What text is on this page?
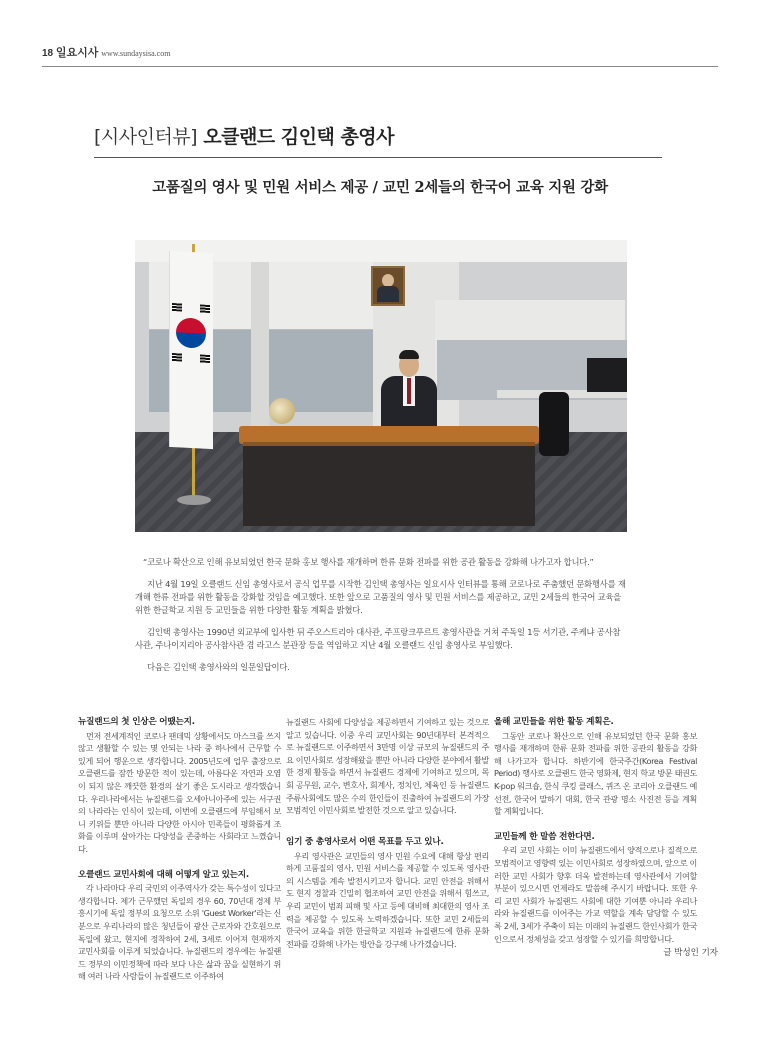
18 일요시사 www.sundaysisa.com
[시사인터뷰] 오클랜드 김인택 총영사
고품질의 영사 및 민원 서비스 제공 / 교민 2세들의 한국어 교육 지원 강화

“코로나 확산으로 인해 유보되었던 한국 문화 홍보 행사를 재개하며 한류 문화 전파를 위한 공관 활동을 강화해 나가고자 합니다.”

지난 4월 19일 오클랜드 신임 총영사로서 공식 업무를 시작한 김인택 총영사는 일요시사 인터뷰를 통해 코로나로 주춤했던 문화행사를 재개해 한류 전파를 위한 활동을 강화할 것임을 예고했다. 또한 앞으로 고품질의 영사 및 민원 서비스를 제공하고, 교민 2세들의 한국어 교육을 위한 한글학교 지원 등 교민들을 위한 다양한 활동 계획을 밝혔다.

김인택 총영사는 1990년 외교부에 입사한 뒤 주오스트리아 대사관, 주프랑크푸르트 총영사관을 거쳐 주독일 1등 서기관, 주케냐 공사참사관, 주나이지리아 공사참사관 겸 라고스 분관장 등을 역임하고 지난 4월 오클랜드 신임 총영사로 부임했다.

다음은 김인택 총영사와의 일문일답이다.

뉴질랜드의 첫 인상은 어땠는지.

먼저 전세계적인 코로나 팬데믹 상황에서도 마스크를 쓰지 않고 생활할 수 있는 몇 안되는 나라 중 하나에서 근무할 수 있게 되어 행운으로 생각합니다. 2005년도에 업무 출장으로 오클랜드를 잠깐 방문한 적이 있는데, 아름다운 자연과 오염이 되지 않은 깨끗한 환경의 살기 좋은 도시라고 생각했습니다. 우리나라에서는 뉴질랜드를 오세아니아주에 있는 서구권의 나라라는 인식이 있는데, 이번에 오클랜드에 부임해서 보니 키위들 뿐만 아니라 다양한 아시아 민족들이 평화롭게 조화를 이루며 살아가는 다양성을 존중하는 사회라고 느꼈습니다.

오클랜드 교민사회에 대해 어떻게 알고 있는지.

각 나라마다 우리 국민의 이주역사가 갖는 특수성이 있다고 생각합니다. 제가 근무했던 독일의 경우 60, 70년대 경제 부흥시기에 독일 정부의 요청으로 소위 'Guest Worker'라는 신분으로 우리나라의 많은 청년들이 광산 근로자와 간호원으로 독일에 왔고, 현지에 정착하여 2세, 3세로 이어져 현재까지 교민사회를 이루게 되었습니다. 뉴질랜드의 경우에는 뉴질랜드 정부의 이민정책에 따라 보다 나은 삶과 꿈을 실현하기 위해 여러 나라 사람들이 뉴질랜드로 이주하여

임기 중 총영사로서 어떤 목표를 두고 있나.

우리 영사관은 교민들의 영사 민원 수요에 대해 항상 편리하게 고품질의 영사, 민원 서비스를 제공할 수 있도록 영사관의 시스템을 계속 발전시키고자 합니다. 교민 안전을 위해서도 현지 경찰과 긴밀히 협조하여 교민 안전을 위해서 힘쓰고, 우리 교민이 범죄 피해 및 사고 등에 대비해 최대한의 영사 조력을 제공할 수 있도록 노력하겠습니다. 또한 교민 2세들의 한국어 교육을 위한 한글학교 지원과 뉴질랜드에 한류 문화 전파를 강화해 나가는 방안을 강구해 나가겠습니다.

뉴질랜드 사회에 다양성을 제공하면서 기여하고 있는 것으로 알고 있습니다. 이중 우리 교민사회는 90년대부터 본격적으로 뉴질랜드로 이주하면서 3만명 이상 규모의 뉴질랜드의 주요 이민사회로 성장해왔을 뿐만 아니라 다양한 분야에서 활발한 경제 활동을 하면서 뉴질랜드 경제에 기여하고 있으며, 목회 공무원, 교수, 변호사, 회계사, 정치인, 체육인 등 뉴질랜드 주류사회에도 많은 수의 한인들이 진출하여 뉴질랜드의 가장 모범적인 이민사회로 발전한 것으로 알고 있습니다.

올해 교민들을 위한 활동 계획은.

그동안 코로나 확산으로 인해 유보되었던 한국 문화 홍보 행사를 재개하며 한류 문화 전파를 위한 공관의 활동을 강화해 나가고자 합니다. 하반기에 한국주간(Korea Festival Period) 행사로 오클랜드 한국 영화제, 현지 학교 방문 태권도 K-pop 워크숍, 한식 쿠킹 클래스, 퀴즈 온 코리아 오클랜드 예선전, 한국어 말하기 대회, 한국 관광 명소 사진전 등을 계획할 계획입니다.

교민들께 한 말씀 전한다면.

우리 교민 사회는 이미 뉴질랜드에서 양적으로나 질적으로 모범적이고 영향력 있는 이민사회로 성장하였으며, 앞으로 이러한 교민 사회가 향후 더욱 발전하는데 영사관에서 기여할 부분이 있으시면 언제라도 말씀해 주시기 바랍니다. 또한 우리 교민 사회가 뉴질랜드 사회에 대한 기여뿐 아니라 우리나라와 뉴질랜드를 이어주는 가교 역할을 계속 담당할 수 있도록 2세, 3세가 주축이 되는 미래의 뉴질랜드 한인사회가 한국인으로서 정체성을 갖고 성장할 수 있기를 희망합니다.

글 박성인 기자
